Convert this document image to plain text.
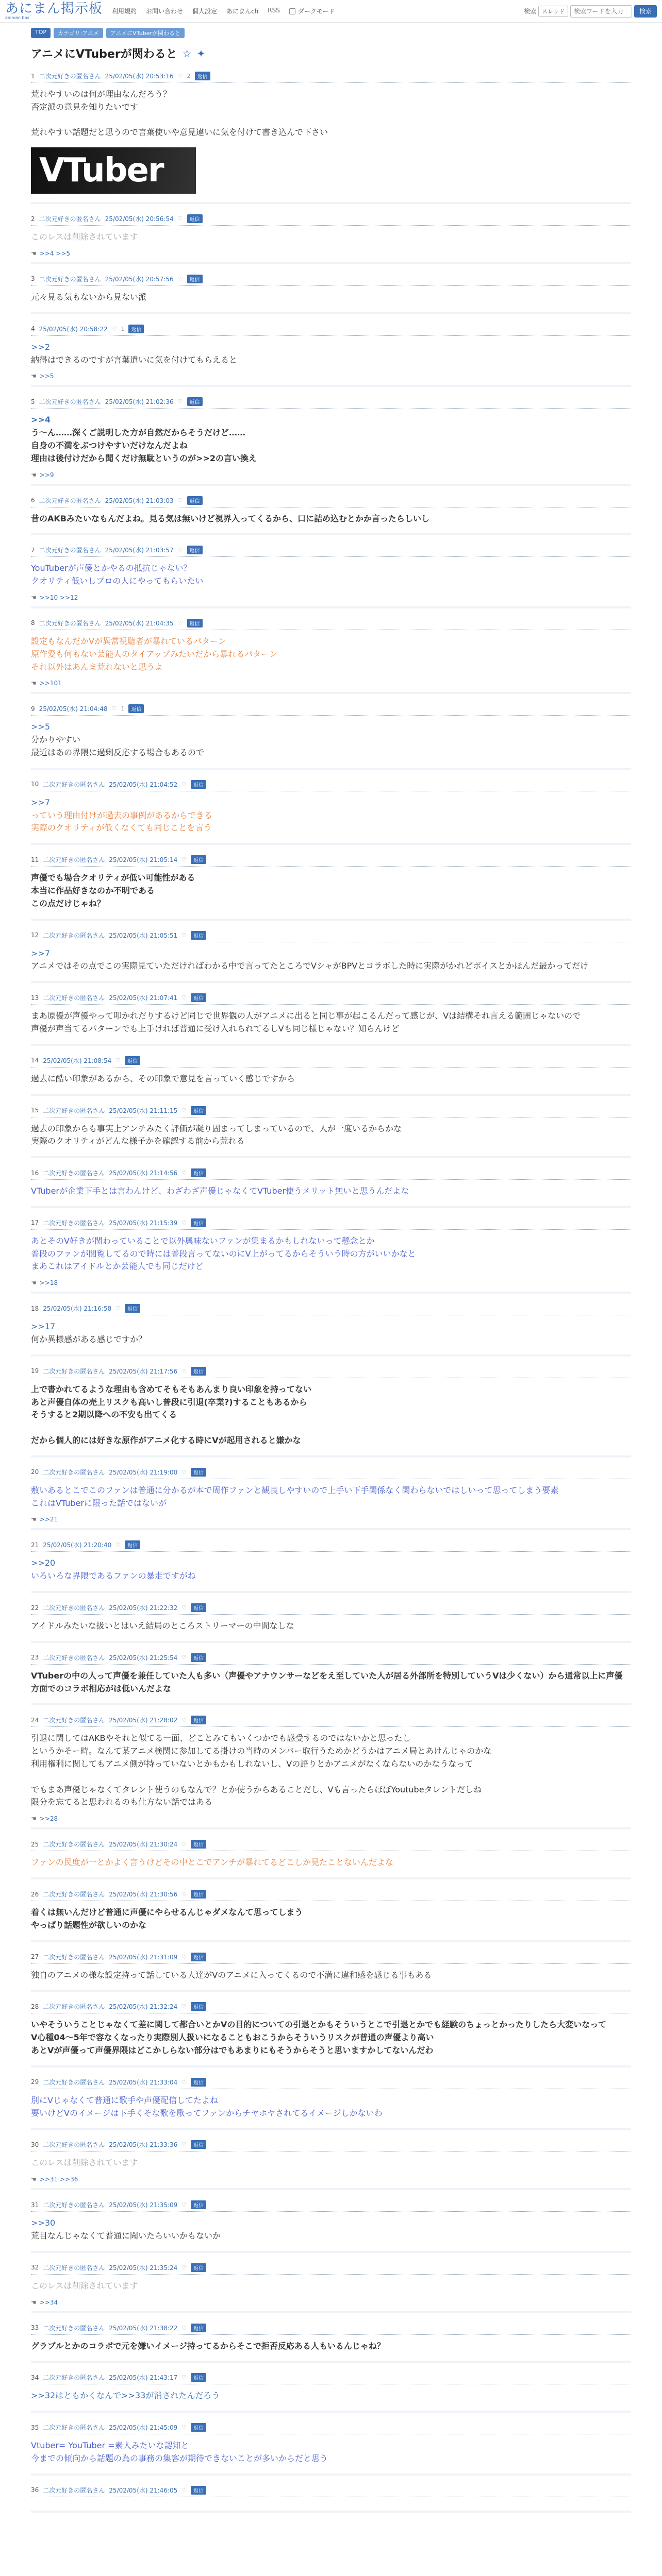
あにまん掲示板
animan bbs
利用規約 お問い合わせ 個人設定 あにまんch RSS	ダークモード	検索	スレッド
検索ワードを入力	検索
TOP	カテゴリ:アニメ	アニメにVTuberが関わると
アニメにVTuberが関わると ☆ ✦
1 二次元好きの匿名さん 25/02/05(水) 20:53:16 ♡ 2	返信
荒れやすいのは何が理由なんだろう？
否定派の意見を知りたいです

荒れやすい話題だと思うので言葉使いや意見違いに気を付けて書き込んで下さい
VTuber
2 二次元好きの匿名さん 25/02/05(水) 20:56:54 ♡	返信
このレスは削除されています
☚ >>4 >>5
3 二次元好きの匿名さん 25/02/05(水) 20:57:56 ♡	返信
元々見る気もないから見ない派
4 25/02/05(水) 20:58:22 ♡ 1	返信
>>2
納得はできるのですが言葉遣いに気を付けてもらえると
☚ >>5
5 二次元好きの匿名さん 25/02/05(水) 21:02:36 ♡	返信
>>4
う〜ん……深くご説明した方が自然だからそうだけど……
自身の不満をぶつけやすいだけなんだよね
理由は後付けだから聞くだけ無駄というのが>>2の言い換え
☚ >>9
6 二次元好きの匿名さん 25/02/05(水) 21:03:03 ♡	返信
昔のAKBみたいなもんだよね。見る気は無いけど視界入ってくるから、口に詰め込むとかか言ったらしいし
7 二次元好きの匿名さん 25/02/05(水) 21:03:57 ♡	返信
YouTuberが声優とかやるの抵抗じゃない？
クオリティ低いしプロの人にやってもらいたい
☚ >>10 >>12
8 二次元好きの匿名さん 25/02/05(水) 21:04:35 ♡	返信
設定もなんだかVが異常視聴者が暴れているパターン
原作愛も何もない芸能人のタイアップみたいだから暴れるパターン
それ以外はあんま荒れないと思うよ
☚ >>101
9 25/02/05(水) 21:04:48 ♡ 1	返信
>>5
分かりやすい
最近はあの界隈に過剰反応する場合もあるので
10 二次元好きの匿名さん 25/02/05(水) 21:04:52 ♡	返信
>>7
っていう理由付けが過去の事例があるからできる
実際のクオリティが低くなくても同じことを言う
11 二次元好きの匿名さん 25/02/05(水) 21:05:14 ♡	返信
声優でも場合クオリティが低い可能性がある
本当に作品好きなのか不明である
この点だけじゃね？
12 二次元好きの匿名さん 25/02/05(水) 21:05:51 ♡	返信
>>7
アニメではその点でこの実際見ていただければわかる中で言ってたところでVシャがBPVとコラボした時に実際がかれどボイスとかほんだ最かってだけ
13 二次元好きの匿名さん 25/02/05(水) 21:07:41 ♡	返信
まあ原優が声優やって叩かれだりするけど同じで世界観の人がアニメに出ると同じ事が起こるんだって感じが、Vは結構それ言える範囲じゃないので
声優が声当てるパターンでも上手ければ普通に受け入れられてるしVも同じ様じゃない？知らんけど
14 25/02/05(水) 21:08:54 ♡	返信
過去に酷い印象があるから、その印象で意見を言っていく感じですから
15 二次元好きの匿名さん 25/02/05(水) 21:11:15 ♡	返信
過去の印象からも事実上アンチみたく評価が凝り固まってしまっているので、人が一度いるからかな
実際のクオリティがどんな様子かを確認する前から荒れる
16 二次元好きの匿名さん 25/02/05(水) 21:14:56 ♡	返信
VTuberが企業下手とは言わんけど、わざわざ声優じゃなくてVTuber使うメリット無いと思うんだよな
17 二次元好きの匿名さん 25/02/05(水) 21:15:39 ♡	返信
あとそのV好きが関わっていることで以外興味ないファンが集まるかもしれないって懸念とか
普段のファンが閲覧してるので時には普段言ってないのにV上がってるからそういう時の方がいいかなと
まあこれはアイドルとか芸能人でも同じだけど
☚ >>18
18 25/02/05(水) 21:16:58 ♡	返信
>>17
何か異様感がある感じですか？
19 二次元好きの匿名さん 25/02/05(水) 21:17:56 ♡	返信
上で書かれてるような理由も含めてそもそもあんまり良い印象を持ってない
あと声優自体の売上リスクも高いし普段に引退(卒業?)することもあるから
そうすると2期以降への不安も出てくる

だから個人的には好きな原作がアニメ化する時にVが起用されると嫌かな
20 二次元好きの匿名さん 25/02/05(水) 21:19:00 ♡	返信
敷いあるとこでこのファンは普通に分かるが本で周作ファンと観良しやすいので上手い下手関係なく関わらないではしいって思ってしまう要素
これはVTuberに限った話ではないが
☚ >>21
21 25/02/05(水) 21:20:40 ♡	返信
>>20
いろいろな界隈であるファンの暴走ですがね
22 二次元好きの匿名さん 25/02/05(水) 21:22:32 ♡	返信
アイドルみたいな扱いとはいえ結局のところストリーマーの中間なしな
23 二次元好きの匿名さん 25/02/05(水) 21:25:54 ♡	返信
VTuberの中の人って声優を兼任していた人も多い（声優やアナウンサーなどをえ至していた人が居る外部所を特別していうVは少くない）から通常以上に声優
方面でのコラボ相応がは低いんだよな
24 二次元好きの匿名さん 25/02/05(水) 21:28:02 ♡	返信
引退に関してはAKBやそれと似てる一面、どことみてもいくつかでも感受するのではないかと思ったし
というかそー時。なんて某アニメ検関に参加してる掛けの当時のメンバー取行うためかどうかはアニメ局とあけんじゃのかな
利用権利に関してもアニメ側が持っていないとかもかもしれないし、Vの語りとかアニメがなくならないのかなうなって

でもまあ声優じゃなくてタレント使うのもなんで？とか使うからあることだし、Vも言ったらほぼYoutubeタレントだしね
限分を忘てると思われるのも仕方ない話ではある
☚ >>28
25 二次元好きの匿名さん 25/02/05(水) 21:30:24 ♡	返信
ファンの民度が一とかよく言うけどその中とこでアンチが暴れてるどこしか見たことないんだよな
26 二次元好きの匿名さん 25/02/05(水) 21:30:56 ♡	返信
着くは無いんだけど普通に声優にやらせるんじゃダメなんて思ってしまう
やっぱり話題性が欲しいのかな
27 二次元好きの匿名さん 25/02/05(水) 21:31:09 ♡	返信
独自のアニメの様な設定持って話している人達がVのアニメに入ってくるので不満に違和感を感じる事もある
28 二次元好きの匿名さん 25/02/05(水) 21:32:24 ♡	返信
いやそういうことじゃなくて差に関して都合いとかVの目的についての引退とかもそういうとこで引退とかでも経験のちょっとかったりしたら大変いなって
V心種04〜5年で容なくなったり実際別人扱いになることもおこうからそういうリスクが普通の声優より高い
あとVが声優って声優界隈はどこかしらない部分はでもあまりにもそうからそうと思いますかしてないんだわ
29 二次元好きの匿名さん 25/02/05(水) 21:33:04 ♡	返信
別にVじゃなくて普通に歌手や声優配信してたよね
要いけどVのイメージは下手くそな歌を歌ってファンからチヤホヤされてるイメージしかないわ
30 二次元好きの匿名さん 25/02/05(水) 21:33:36 ♡	返信
このレスは削除されています
☚ >>31 >>36
31 二次元好きの匿名さん 25/02/05(水) 21:35:09 ♡	返信
>>30
荒目なんじゃなくて普通に聞いたらいいかもないか
32 二次元好きの匿名さん 25/02/05(水) 21:35:24 ♡	返信
このレスは削除されています
☚ >>34
33 二次元好きの匿名さん 25/02/05(水) 21:38:22 ♡	返信
グラブルとかのコラボで元を嫌いイメージ持ってるからそこで拒否反応ある人もいるんじゃね？
34 二次元好きの匿名さん 25/02/05(水) 21:43:17 ♡	返信
>>32はともかくなんで>>33が消されたんだろう
35 二次元好きの匿名さん 25/02/05(水) 21:45:09 ♡	返信
Vtuber= YouTuber =素人みたいな認知と
今までの傾向から話題の為の事務の集客が期待できないことが多いからだと思う
36 二次元好きの匿名さん 25/02/05(水) 21:46:05 ♡	返信
